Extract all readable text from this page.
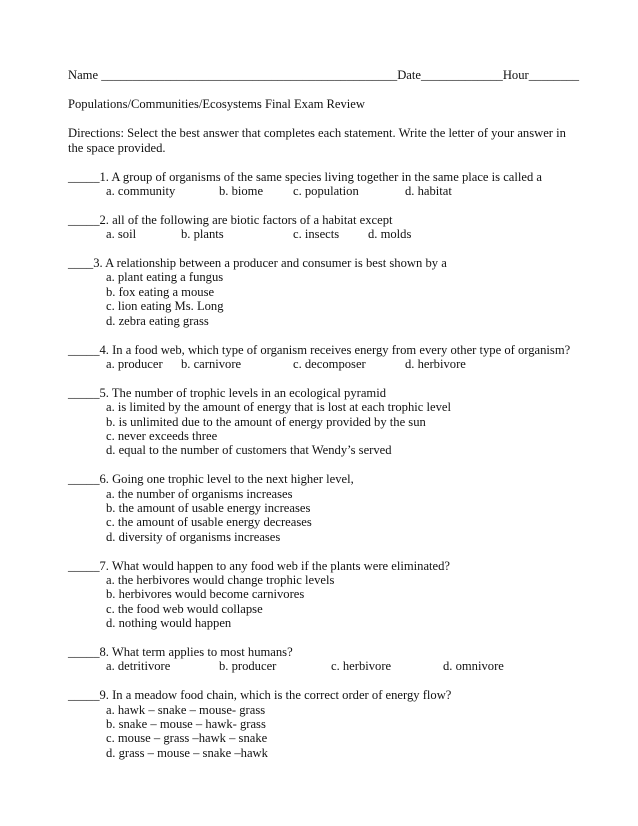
Name _______________________________________________Date_____________Hour________
Populations/Communities/Ecosystems Final Exam Review
Directions: Select the best answer that completes each statement. Write the letter of your answer in
the space provided.
_____1. A group of organisms of the same species living together in the same place is called a
a. community	b. biome c. population	d. habitat
_____2. all of the following are biotic factors of a habitat except
a. soil	b. plants	c. insects d. molds
____3. A relationship between a producer and consumer is best shown by a
a. plant eating a fungus
b. fox eating a mouse
c. lion eating Ms. Long
d. zebra eating grass
_____4. In a food web, which type of organism receives energy from every other type of organism?
a. producer b. carnivore	c. decomposer	d. herbivore
_____5. The number of trophic levels in an ecological pyramid
a. is limited by the amount of energy that is lost at each trophic level
b. is unlimited due to the amount of energy provided by the sun
c. never exceeds three
d. equal to the number of customers that Wendy’s served
_____6. Going one trophic level to the next higher level,
a. the number of organisms increases
b. the amount of usable energy increases
c. the amount of usable energy decreases
d. diversity of organisms increases
_____7. What would happen to any food web if the plants were eliminated?
a. the herbivores would change trophic levels
b. herbivores would become carnivores
c. the food web would collapse
d. nothing would happen
_____8. What term applies to most humans?
a. detritivore	b. producer	c. herbivore	d. omnivore
_____9. In a meadow food chain, which is the correct order of energy flow?
a. hawk – snake – mouse- grass
b. snake – mouse – hawk- grass
c. mouse – grass –hawk – snake
d. grass – mouse – snake –hawk
